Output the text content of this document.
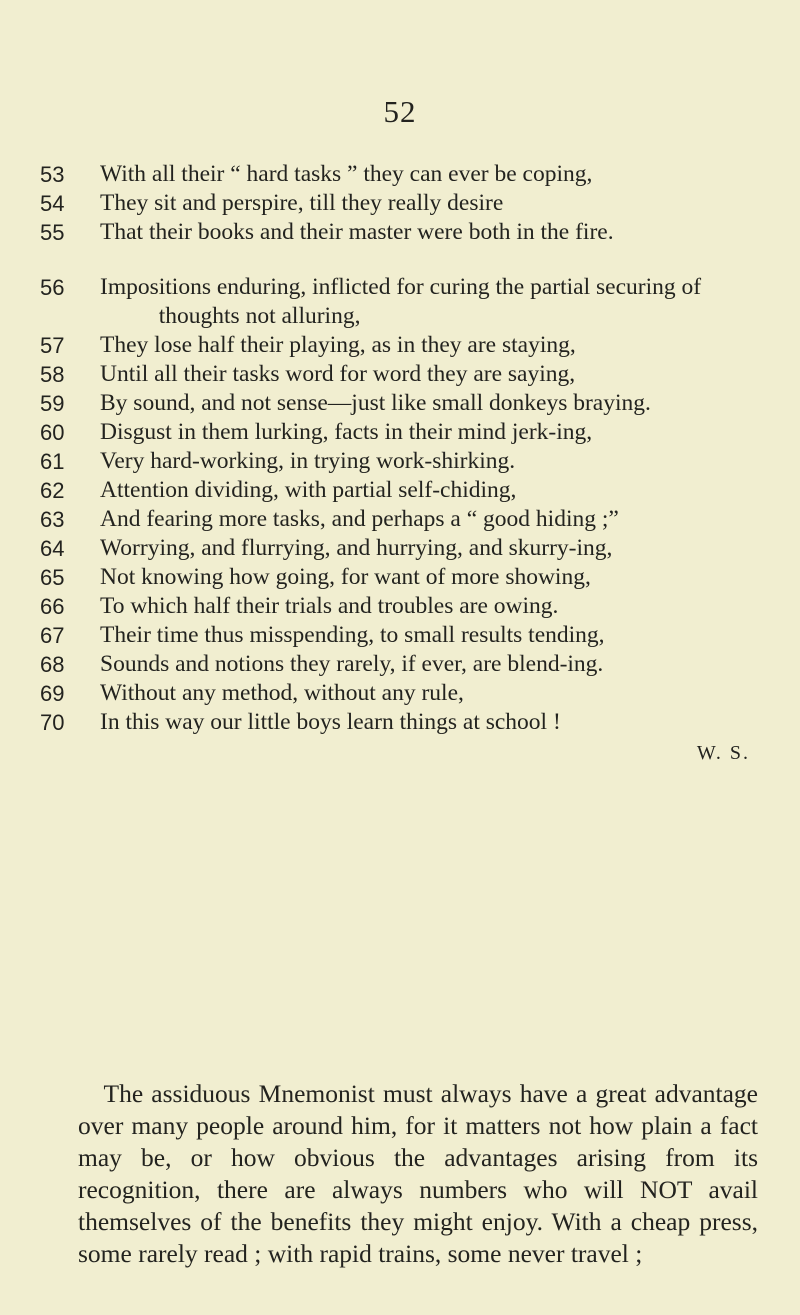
52
53	With all their “ hard tasks ” they can ever be coping,
54	They sit and perspire, till they really desire
55	That their books and their master were both in the fire.
56	Impositions enduring, inflicted for curing the partial securing of thoughts not alluring,
57	They lose half their playing, as in they are staying,
58	Until all their tasks word for word they are saying,
59	By sound, and not sense—just like small donkeys braying.
60	Disgust in them lurking, facts in their mind jerk-ing,
61	Very hard-working, in trying work-shirking.
62	Attention dividing, with partial self-chiding,
63	And fearing more tasks, and perhaps a “ good hiding ;”
64	Worrying, and flurrying, and hurrying, and skurry-ing,
65	Not knowing how going, for want of more showing,
66	To which half their trials and troubles are owing.
67	Their time thus misspending, to small results tending,
68	Sounds and notions they rarely, if ever, are blend-ing.
69	Without any method, without any rule,
70	In this way our little boys learn things at school !
W. S.

The assiduous Mnemonist must always have a great advantage over many people around him, for it matters not how plain a fact may be, or how obvious the advantages arising from its recognition, there are always numbers who will NOT avail themselves of the benefits they might enjoy. With a cheap press, some rarely read ; with rapid trains, some never travel ;
